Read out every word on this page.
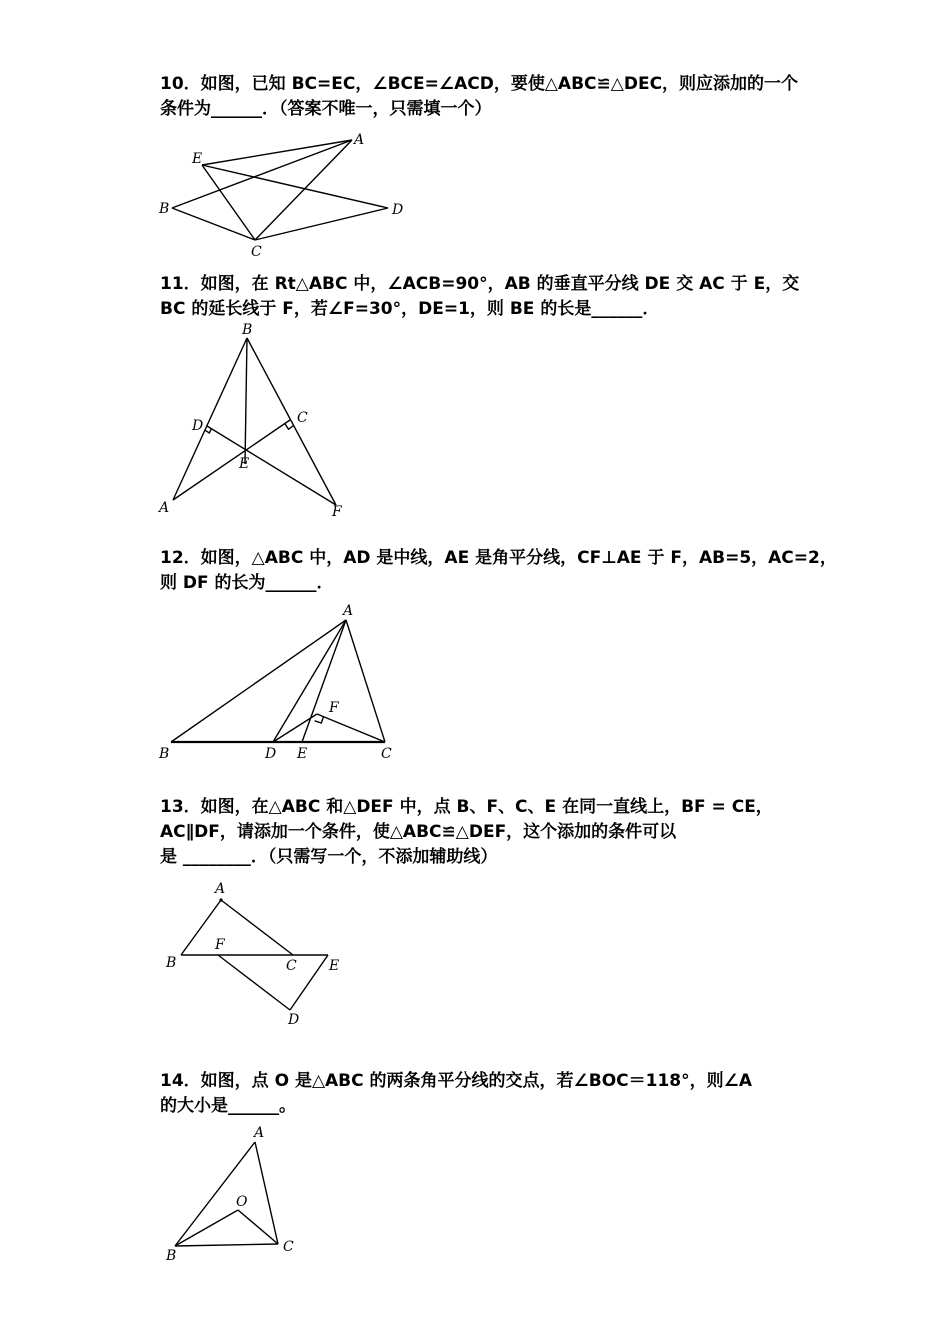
10．如图，已知 BC=EC，∠BCE=∠ACD，要使△ABC≌△DEC，则应添加的一个
条件为______．（答案不唯一，只需填一个）
E
A
B	D
C
11．如图，在 Rt△ABC 中，∠ACB=90°，AB 的垂直平分线 DE 交 AC 于 E，交
BC 的延长线于 F，若∠F=30°，DE=1，则 BE 的长是______．
B
D	C
E
A	F
12．如图，△ABC 中，AD 是中线，AE 是角平分线，CF⊥AE 于 F，AB=5，AC=2，
则 DF 的长为______．
A
F
B	D E	C
13．如图，在△ABC 和△DEF 中，点 B、F、C、E 在同一直线上，BF = CE，
AC∥DF，请添加一个条件，使△ABC≌△DEF，这个添加的条件可以
是 ________．（只需写一个，不添加辅助线）
A
F
B	C E
D
14．如图，点 O 是△ABC 的两条角平分线的交点，若∠BOC＝118°，则∠A
的大小是______。
A
O
B
C
